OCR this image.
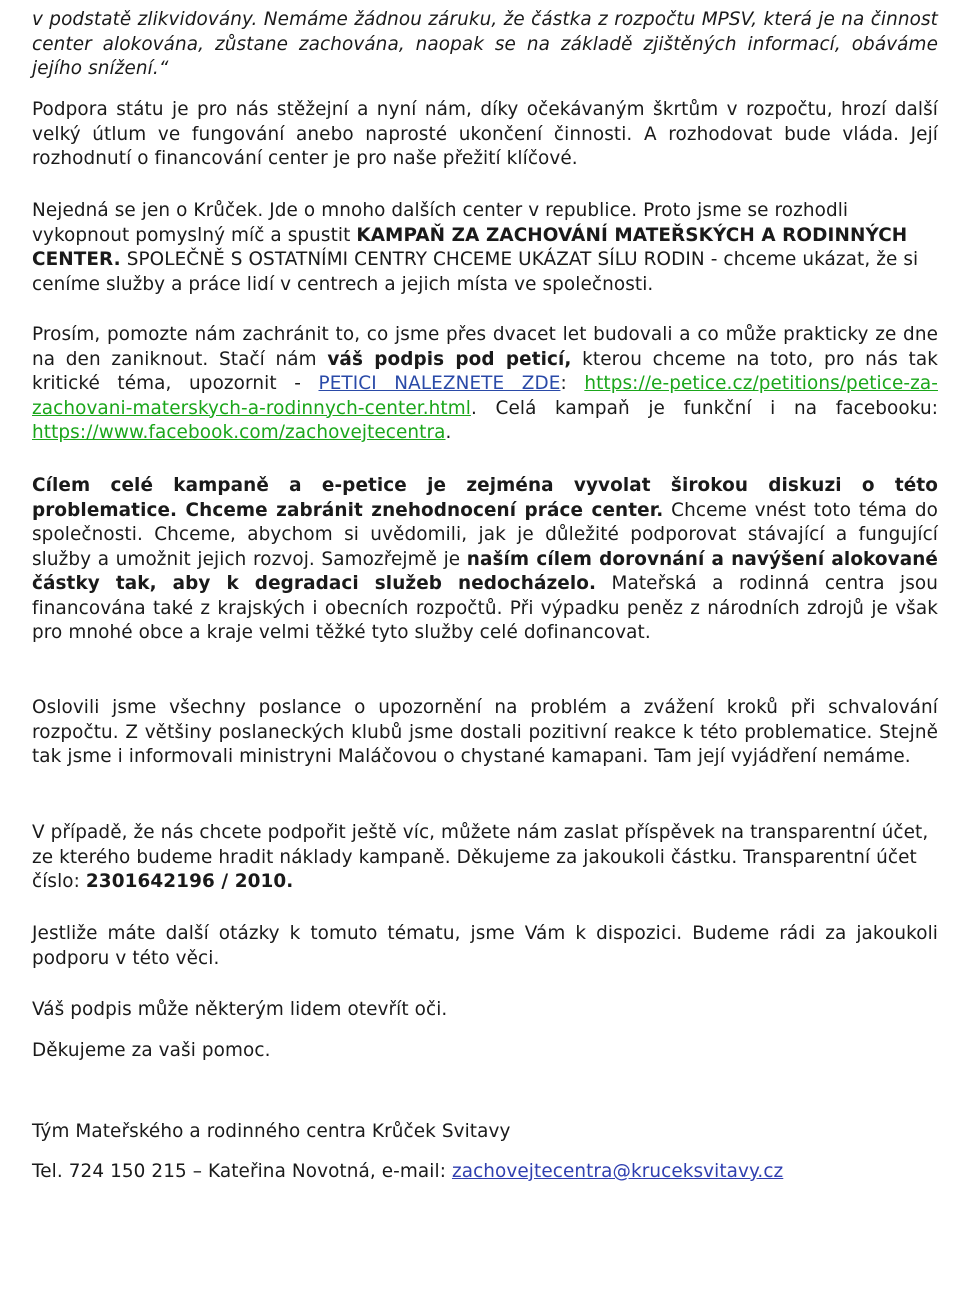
v podstatě zlikvidovány. Nemáme žádnou záruku, že částka z rozpočtu MPSV, která je na činnost center alokována, zůstane zachována, naopak se na základě zjištěných informací, obáváme jejího snížení.“

Podpora státu je pro nás stěžejní a nyní nám, díky očekávaným škrtům v rozpočtu, hrozí další velký útlum ve fungování anebo naprosté ukončení činnosti. A rozhodovat bude vláda. Její rozhodnutí o financování center je pro naše přežití klíčové.

Nejedná se jen o Krůček. Jde o mnoho dalších center v republice. Proto jsme se rozhodli vykopnout pomyslný míč a spustit KAMPAŇ ZA ZACHOVÁNÍ MATEŘSKÝCH A RODINNÝCH CENTER. SPOLEČNĚ S OSTATNÍMI CENTRY CHCEME UKÁZAT SÍLU RODIN - chceme ukázat, že si ceníme služby a práce lidí v centrech a jejich místa ve společnosti.

Prosím, pomozte nám zachránit to, co jsme přes dvacet let budovali a co může prakticky ze dne na den zaniknout. Stačí nám váš podpis pod peticí, kterou chceme na toto, pro nás tak kritické téma, upozornit - PETICI NALEZNETE ZDE: https://e-petice.cz/petitions/petice-za-zachovani-materskych-a-rodinnych-center.html. Celá kampaň je funkční i na facebooku: https://www.facebook.com/zachovejtecentra.

Cílem celé kampaně a e-petice je zejména vyvolat širokou diskuzi o této problematice. Chceme zabránit znehodnocení práce center. Chceme vnést toto téma do společnosti. Chceme, abychom si uvědomili, jak je důležité podporovat stávající a fungující služby a umožnit jejich rozvoj. Samozřejmě je naším cílem dorovnání a navýšení alokované částky tak, aby k degradaci služeb nedocházelo. Mateřská a rodinná centra jsou financována také z krajských i obecních rozpočtů. Při výpadku peněz z národních zdrojů je však pro mnohé obce a kraje velmi těžké tyto služby celé dofinancovat.

Oslovili jsme všechny poslance o upozornění na problém a zvážení kroků při schvalování rozpočtu. Z většiny poslaneckých klubů jsme dostali pozitivní reakce k této problematice. Stejně tak jsme i informovali ministryni Maláčovou o chystané kamapani. Tam její vyjádření nemáme.

V případě, že nás chcete podpořit ještě víc, můžete nám zaslat příspěvek na transparentní účet, ze kterého budeme hradit náklady kampaně. Děkujeme za jakoukoli částku. Transparentní účet číslo: 2301642196 / 2010.

Jestliže máte další otázky k tomuto tématu, jsme Vám k dispozici. Budeme rádi za jakoukoli podporu v této věci.

Váš podpis může některým lidem otevřít oči.

Děkujeme za vaši pomoc.

Tým Mateřského a rodinného centra Krůček Svitavy

Tel. 724 150 215 – Kateřina Novotná, e-mail: zachovejtecentra@kruceksvitavy.cz
